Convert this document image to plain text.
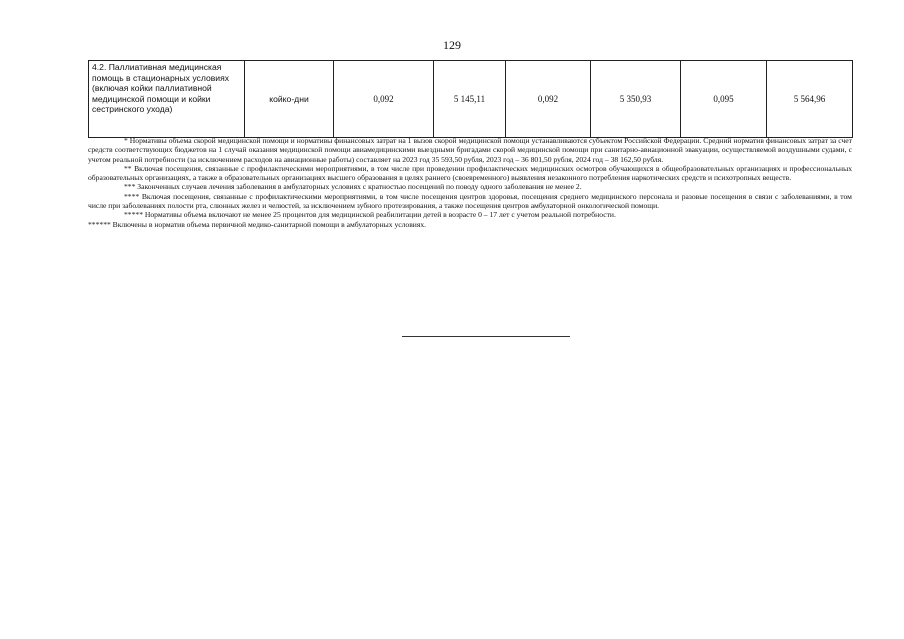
129
4.2. Паллиативная медицинская помощь в стационарных условиях (включая койки паллиативной медицинской помощи и койки сестринского ухода)	койко-дни	0,092	5 145,11	0,092	5 350,93	0,095	5 564,96

* Нормативы объема скорой медицинской помощи и нормативы финансовых затрат на 1 вызов скорой медицинской помощи устанавливаются субъектом Российской Федерации. Средний норматив финансовых затрат за счет средств соответствующих бюджетов на 1 случай оказания медицинской помощи авиамедицинскими выездными бригадами скорой медицинской помощи при санитарно-авиационной эвакуации, осуществляемой воздушными судами, с учетом реальной потребности (за исключением расходов на авиационные работы) составляет на 2023 год 35 593,50 рубля, 2023 год – 36 801,50 рубля, 2024 год – 38 162,50 рубля.

** Включая посещения, связанные с профилактическими мероприятиями, в том числе при проведении профилактических медицинских осмотров обучающихся в общеобразовательных организациях и профессиональных образовательных организациях, а также в образовательных организациях высшего образования в целях раннего (своевременного) выявления незаконного потребления наркотических средств и психотропных веществ.

*** Законченных случаев лечения заболевания в амбулаторных условиях с кратностью посещений по поводу одного заболевания не менее 2.

**** Включая посещения, связанные с профилактическими мероприятиями, в том числе посещения центров здоровья, посещения среднего медицинского персонала и разовые посещения в связи с заболеваниями, в том числе при заболеваниях полости рта, слюнных желез и челюстей, за исключением зубного протезирования, а также посещения центров амбулаторной онкологической помощи.

***** Нормативы объема включают не менее 25 процентов для медицинской реабилитации детей в возрасте 0 – 17 лет с учетом реальной потребности.

****** Включены в норматив объема первичной медико-санитарной помощи в амбулаторных условиях.
